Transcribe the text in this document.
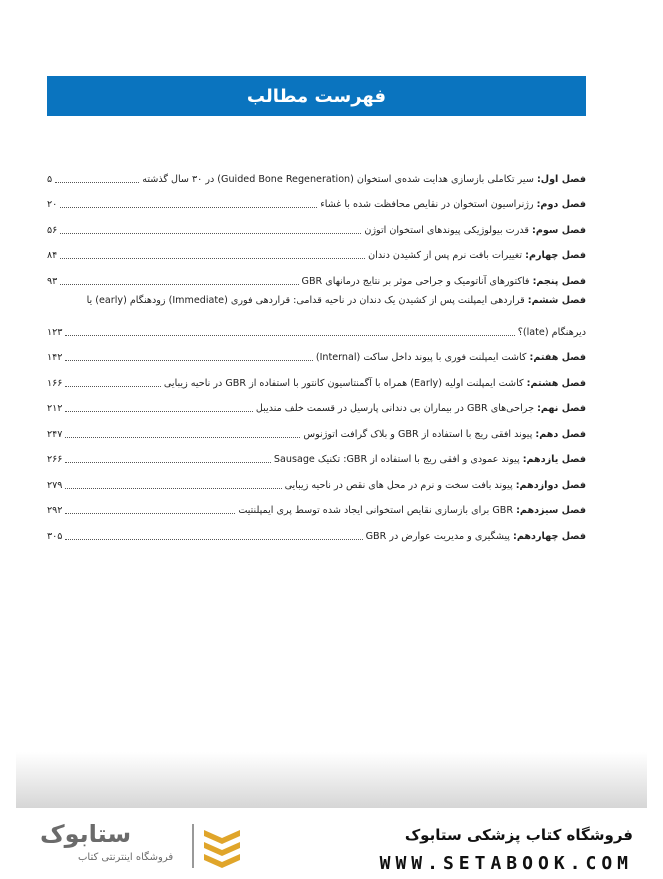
فهرست مطالب
فصل اول: سیر تکاملی بازسازی هدایت شده‌ی استخوان (Guided Bone Regeneration) در ۳۰ سال گذشته
۵
فصل دوم: رژنراسیون استخوان در نقایص محافظت شده با غشاء
۲۰
فصل سوم: قدرت بیولوژیکی پیوندهای استخوان اتوژن
۵۶
فصل چهارم: تغییرات بافت نرم پس از کشیدن دندان
۸۴
فصل پنجم: فاکتورهای آناتومیک و جراحی موثر بر نتایج درمانهای GBR
۹۳
فصل ششم: قراردهی ایمپلنت پس از کشیدن یک دندان در ناحیه قدامی: قراردهی فوری (Immediate) زودهنگام (early) یا
دیرهنگام (late)؟
۱۲۳
فصل هفتم: کاشت ایمپلنت فوری با پیوند داخل ساکت (Internal)
۱۴۲
فصل هشتم: کاشت ایمپلنت اولیه (Early) همراه با آگمنتاسیون کانتور با استفاده از GBR در ناحیه زیبایی
۱۶۶
فصل نهم: جراحی‌های GBR در بیماران بی دندانی پارسیل در قسمت خلف مندیبل
۲۱۲
فصل دهم: پیوند افقی ریج با استفاده از GBR و بلاک گرافت اتوژنوس
۲۴۷
فصل یازدهم: پیوند عمودی و افقی ریج با استفاده از GBR: تکنیک Sausage
۲۶۶
فصل دوازدهم: پیوند بافت سخت و نرم در محل های نقص در ناحیه زیبایی
۲۷۹
فصل سیزدهم: GBR برای بازسازی نقایص استخوانی ایجاد شده توسط پری ایمپلنتیت
۲۹۲
فصل چهاردهم: پیشگیری و مدیریت عوارض در GBR
۳۰۵
ستابوک
فروشگاه اینترنتی کتاب
فروشگاه کتاب پزشکی ستابوک
WWW.SETABOOK.COM
